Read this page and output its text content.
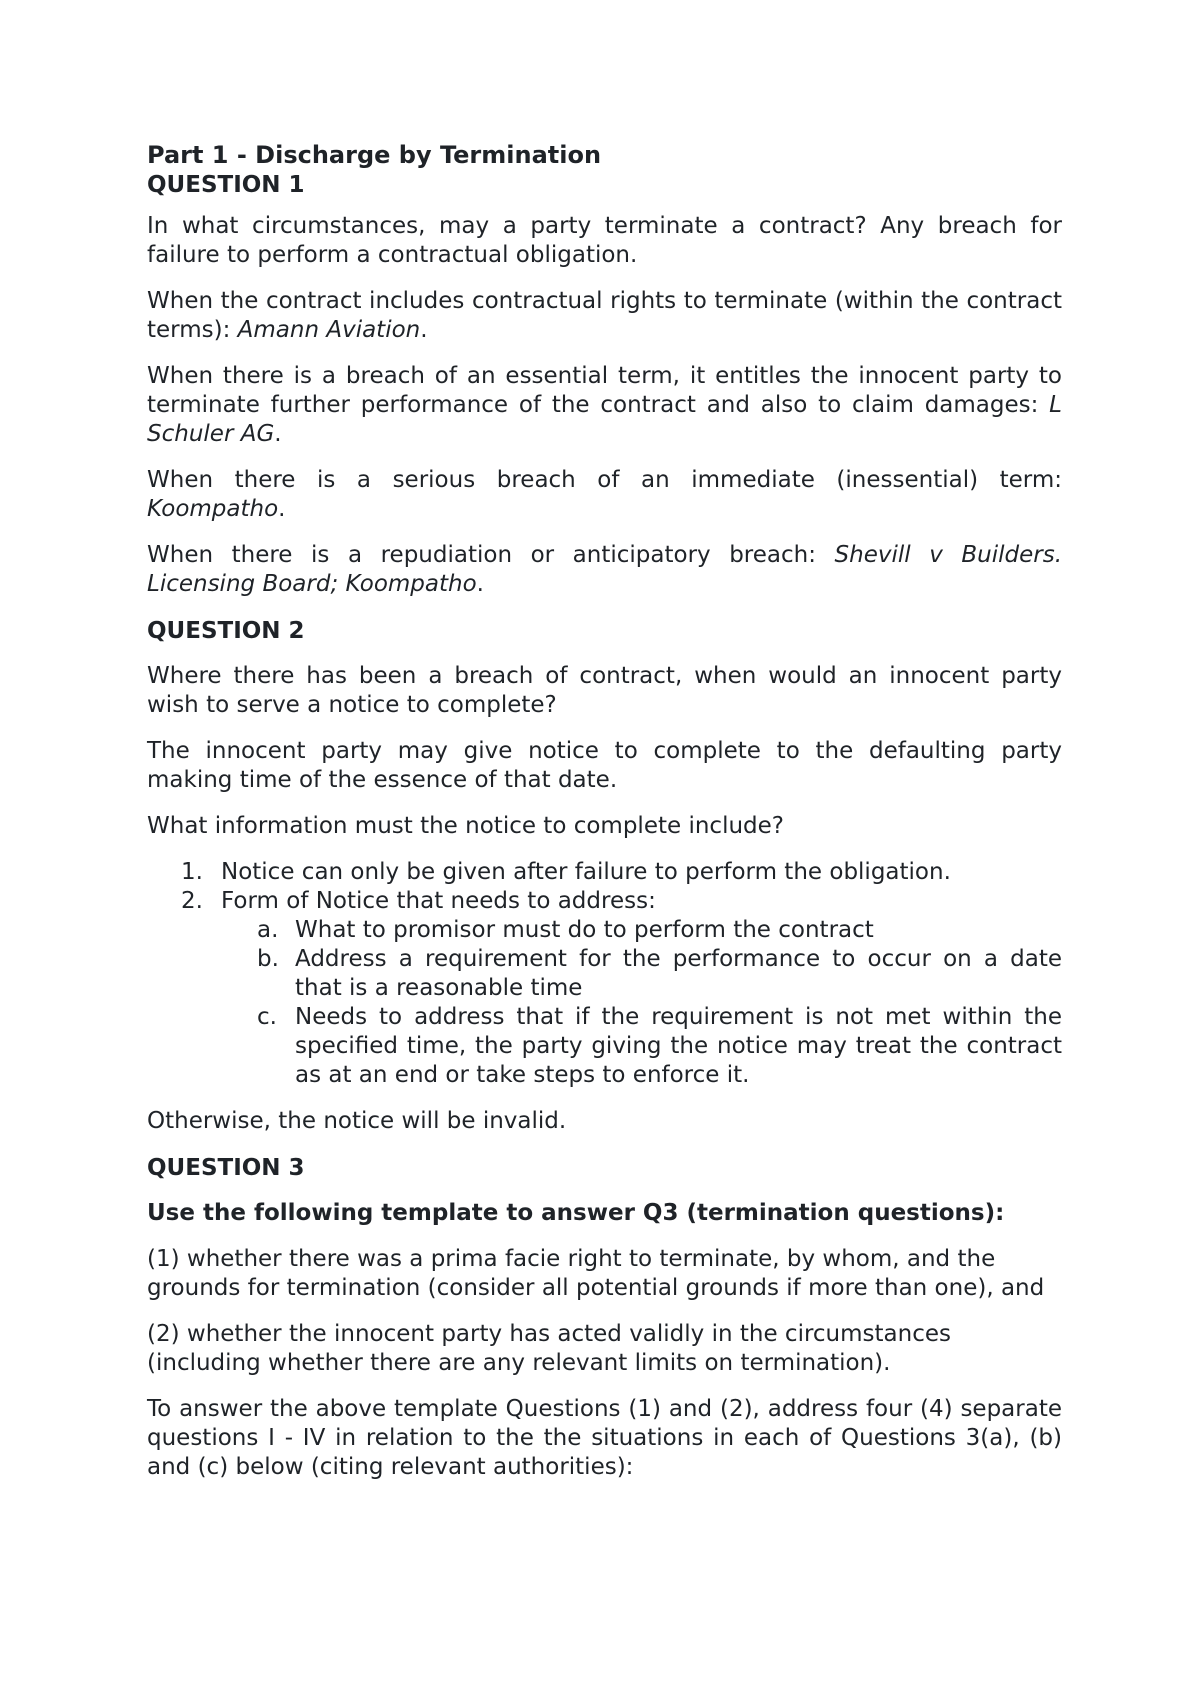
Part 1 - Discharge by Termination
QUESTION 1

In what circumstances, may a party terminate a contract? Any breach for failure to perform a contractual obligation.

When the contract includes contractual rights to terminate (within the contract terms): Amann Aviation.

When there is a breach of an essential term, it entitles the innocent party to terminate further performance of the contract and also to claim damages: L Schuler AG.

When there is a serious breach of an immediate (inessential) term: Koompatho.

When there is a repudiation or anticipatory breach: Shevill v Builders. Licensing Board; Koompatho.

QUESTION 2

Where there has been a breach of contract, when would an innocent party wish to serve a notice to complete?

The innocent party may give notice to complete to the defaulting party making time of the essence of that date.

What information must the notice to complete include?

1. Notice can only be given after failure to perform the obligation.
2. Form of Notice that needs to address:
a. What to promisor must do to perform the contract
b. Address a requirement for the performance to occur on a date that is a reasonable time
c. Needs to address that if the requirement is not met within the specified time, the party giving the notice may treat the contract as at an end or take steps to enforce it.

Otherwise, the notice will be invalid.

QUESTION 3

Use the following template to answer Q3 (termination questions):

(1) whether there was a prima facie right to terminate, by whom, and the grounds for termination (consider all potential grounds if more than one), and

(2) whether the innocent party has acted validly in the circumstances (including whether there are any relevant limits on termination).

To answer the above template Questions (1) and (2), address four (4) separate questions I - IV in relation to the the situations in each of Questions 3(a), (b) and (c) below (citing relevant authorities):
